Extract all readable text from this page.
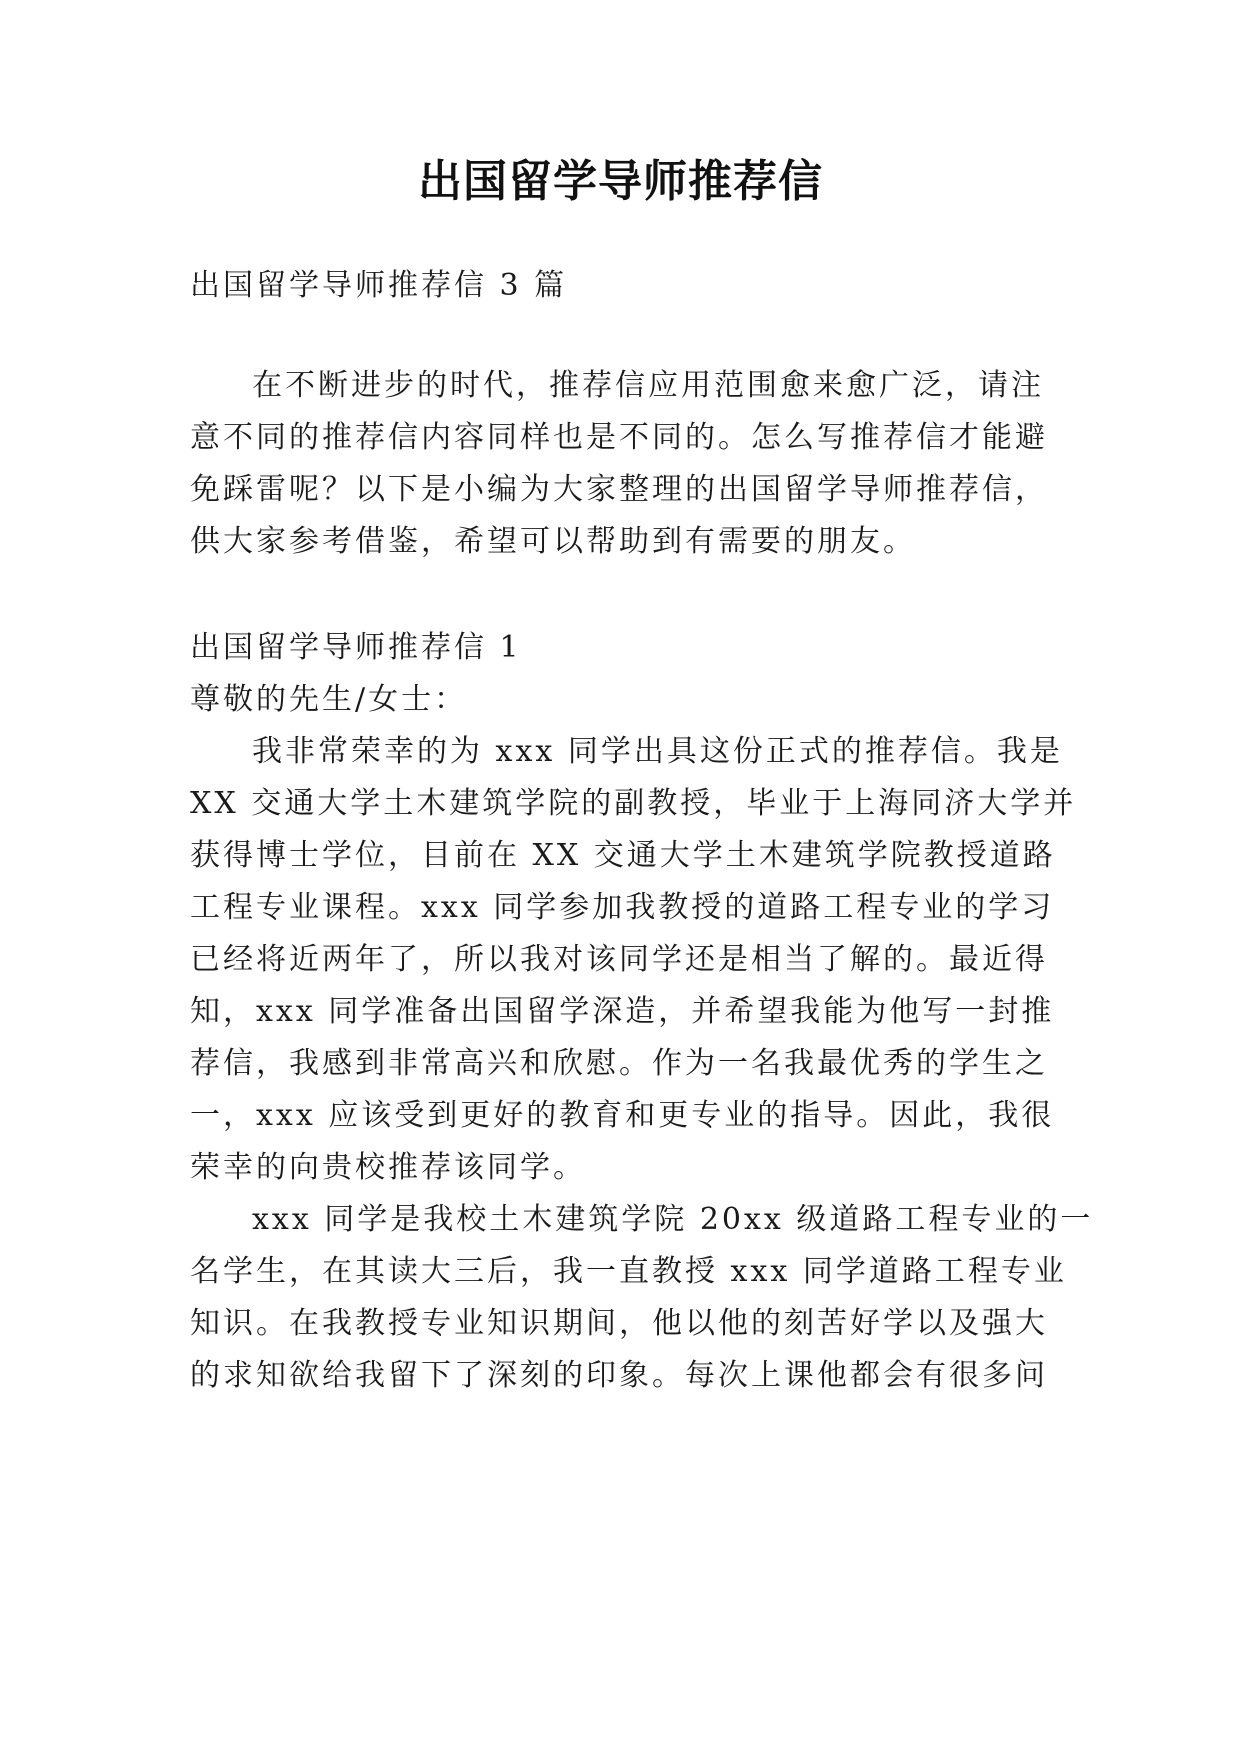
出国留学导师推荐信
出国留学导师推荐信 3 篇
在不断进步的时代，推荐信应用范围愈来愈广泛，请注
意不同的推荐信内容同样也是不同的。怎么写推荐信才能避
免踩雷呢？以下是小编为大家整理的出国留学导师推荐信，
供大家参考借鉴，希望可以帮助到有需要的朋友。
出国留学导师推荐信 1
尊敬的先生/女士：
我非常荣幸的为 xxx 同学出具这份正式的推荐信。我是
XX 交通大学土木建筑学院的副教授，毕业于上海同济大学并
获得博士学位，目前在 XX 交通大学土木建筑学院教授道路
工程专业课程。xxx 同学参加我教授的道路工程专业的学习
已经将近两年了，所以我对该同学还是相当了解的。最近得
知，xxx 同学准备出国留学深造，并希望我能为他写一封推
荐信，我感到非常高兴和欣慰。作为一名我最优秀的学生之
一，xxx 应该受到更好的教育和更专业的指导。因此，我很
荣幸的向贵校推荐该同学。
xxx 同学是我校土木建筑学院 20xx 级道路工程专业的一
名学生，在其读大三后，我一直教授 xxx 同学道路工程专业
知识。在我教授专业知识期间，他以他的刻苦好学以及强大
的求知欲给我留下了深刻的印象。每次上课他都会有很多问
